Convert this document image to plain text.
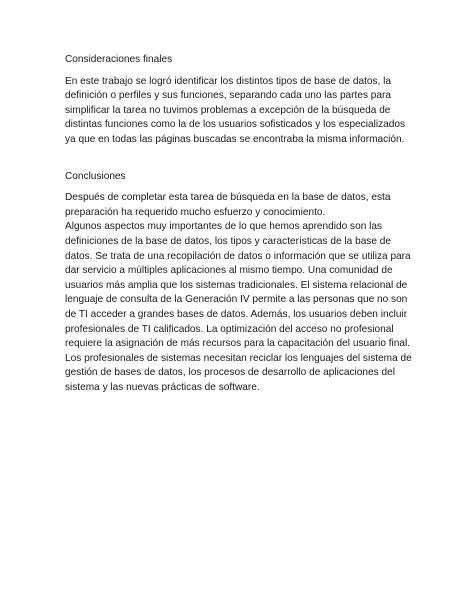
Consideraciones finales

En este trabajo se logró identificar los distintos tipos de base de datos, la definición o perfiles y sus funciones, separando cada uno las partes para simplificar la tarea no tuvimos problemas a excepción de la búsqueda de distintas funciones como la de los usuarios sofisticados y los especializados ya que en todas las páginas buscadas se encontraba la misma información.

Conclusiones

Después de completar esta tarea de búsqueda en la base de datos, esta preparación ha requerido mucho esfuerzo y conocimiento.

Algunos aspectos muy importantes de lo que hemos aprendido son las definiciones de la base de datos, los tipos y características de la base de datos. Se trata de una recopilación de datos o información que se utiliza para dar servicio a múltiples aplicaciones al mismo tiempo. Una comunidad de usuarios más amplia que los sistemas tradicionales. El sistema relacional de lenguaje de consulta de la Generación IV permite a las personas que no son de TI acceder a grandes bases de datos. Además, los usuarios deben incluir profesionales de TI calificados. La optimización del acceso no profesional requiere la asignación de más recursos para la capacitación del usuario final. Los profesionales de sistemas necesitan reciclar los lenguajes del sistema de gestión de bases de datos, los procesos de desarrollo de aplicaciones del sistema y las nuevas prácticas de software.
